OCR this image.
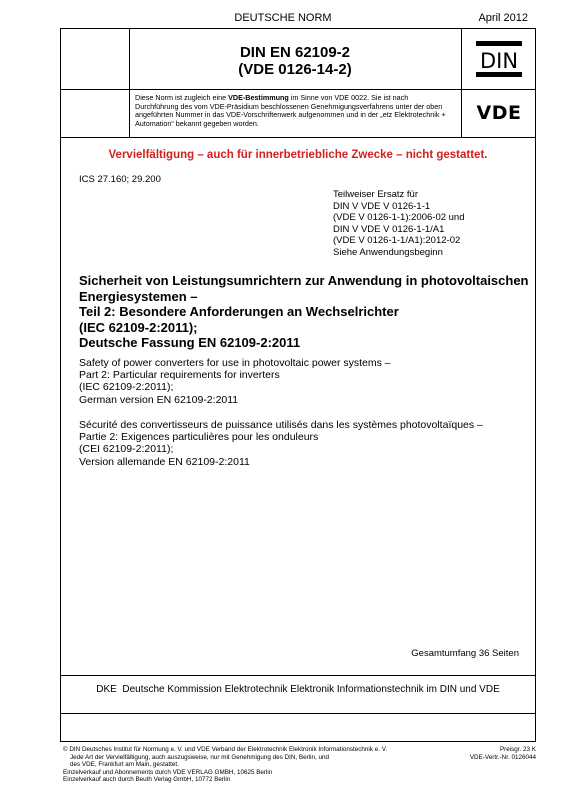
DEUTSCHE NORM	April 2012
DIN EN 62109-2
(VDE 0126-14-2)	DIN
VDE
Diese Norm ist zugleich eine VDE-Bestimmung im Sinne von VDE 0022. Sie ist nach Durchführung des vom VDE-Präsidium beschlossenen Genehmigungsverfahrens unter der oben angeführten Nummer in das VDE-Vorschriftenwerk aufgenommen und in der „etz Elektrotechnik + Automation“ bekannt gegeben worden.
Vervielfältigung – auch für innerbetriebliche Zwecke – nicht gestattet.
ICS 27.160; 29.200
Teilweiser Ersatz für
DIN V VDE V 0126-1-1
(VDE V 0126-1-1):2006-02 und
DIN V VDE V 0126-1-1/A1
(VDE V 0126-1-1/A1):2012-02
Siehe Anwendungsbeginn
Sicherheit von Leistungsumrichtern zur Anwendung in photovoltaischen
Energiesystemen –
Teil 2: Besondere Anforderungen an Wechselrichter
(IEC 62109-2:2011);
Deutsche Fassung EN 62109-2:2011
Safety of power converters for use in photovoltaic power systems –
Part 2: Particular requirements for inverters
(IEC 62109-2:2011);
German version EN 62109-2:2011
Sécurité des convertisseurs de puissance utilisés dans les systèmes photovoltaïques –
Partie 2: Exigences particulières pour les onduleurs
(CEI 62109-2:2011);
Version allemande EN 62109-2:2011
Gesamtumfang 36 Seiten
DKE Deutsche Kommission Elektrotechnik Elektronik Informationstechnik im DIN und VDE
© DIN Deutsches Institut für Normung e. V. und VDE Verband der Elektrotechnik Elektronik Informationstechnik e. V.
Jede Art der Vervielfältigung, auch auszugsweise, nur mit Genehmigung des DIN, Berlin, und
des VDE, Frankfurt am Main, gestattet.
Einzelverkauf und Abonnements durch VDE VERLAG GMBH, 10625 Berlin
Einzelverkauf auch durch Beuth Verlag GmbH, 10772 Berlin
Preisgr. 23 K
VDE-Vertr.-Nr. 0126044
